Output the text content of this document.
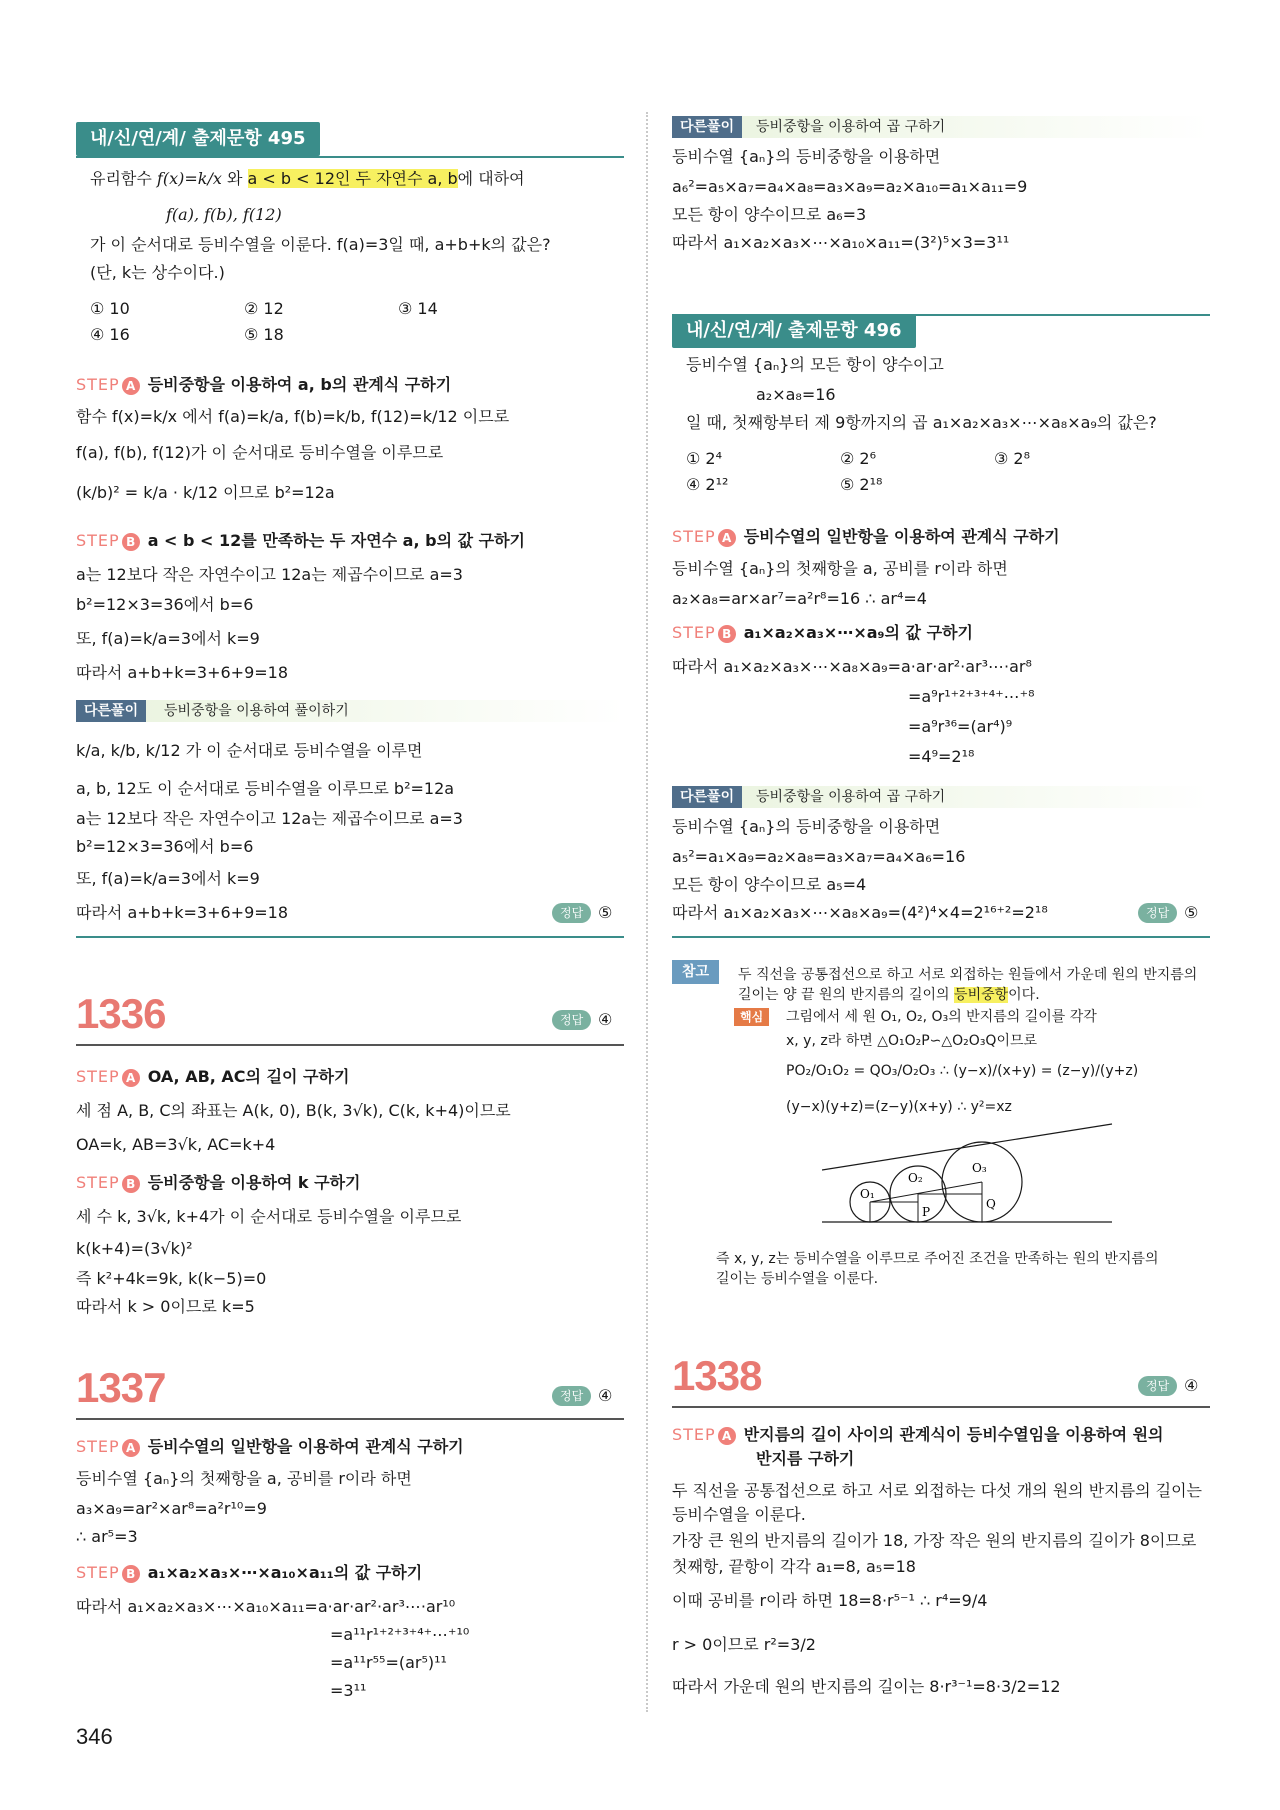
내/신/연/계/ 출제문항 495
유리함수 f(x)=k/x 와 a < b < 12인 두 자연수 a, b에 대하여
f(a), f(b), f(12)
가 이 순서대로 등비수열을 이룬다. f(a)=3일 때, a+b+k의 값은?
(단, k는 상수이다.)
① 10	② 12	③ 14
④ 16	⑤ 18
STEP A 등비중항을 이용하여 a, b의 관계식 구하기
함수 f(x)=k/x 에서 f(a)=k/a, f(b)=k/b, f(12)=k/12 이므로
f(a), f(b), f(12)가 이 순서대로 등비수열을 이루므로
(k/b)² = k/a · k/12 이므로 b²=12a
STEP B a < b < 12를 만족하는 두 자연수 a, b의 값 구하기
a는 12보다 작은 자연수이고 12a는 제곱수이므로 a=3
b²=12×3=36에서 b=6
또, f(a)=k/a=3에서 k=9
따라서 a+b+k=3+6+9=18
다른풀이	등비중항을 이용하여 풀이하기
k/a, k/b, k/12 가 이 순서대로 등비수열을 이루면
a, b, 12도 이 순서대로 등비수열을 이루므로 b²=12a
a는 12보다 작은 자연수이고 12a는 제곱수이므로 a=3
b²=12×3=36에서 b=6
또, f(a)=k/a=3에서 k=9
따라서 a+b+k=3+6+9=18	정답 ⑤
1336	정답 ④
STEP A OA, AB, AC의 길이 구하기
세 점 A, B, C의 좌표는 A(k, 0), B(k, 3√k), C(k, k+4)이므로
OA=k, AB=3√k, AC=k+4
STEP B 등비중항을 이용하여 k 구하기
세 수 k, 3√k, k+4가 이 순서대로 등비수열을 이루므로
k(k+4)=(3√k)²
즉 k²+4k=9k, k(k−5)=0
따라서 k > 0이므로 k=5
1337	정답 ④
STEP A 등비수열의 일반항을 이용하여 관계식 구하기
등비수열 {aₙ}의 첫째항을 a, 공비를 r이라 하면
a₃×a₉=ar²×ar⁸=a²r¹⁰=9
∴ ar⁵=3
STEP B a₁×a₂×a₃×⋯×a₁₀×a₁₁의 값 구하기
따라서 a₁×a₂×a₃×⋯×a₁₀×a₁₁=a·ar·ar²·ar³⋯·ar¹⁰
=a¹¹r¹⁺²⁺³⁺⁴⁺⋯⁺¹⁰
=a¹¹r⁵⁵=(ar⁵)¹¹
=3¹¹
346
다른풀이	등비중항을 이용하여 곱 구하기
등비수열 {aₙ}의 등비중항을 이용하면
a₆²=a₅×a₇=a₄×a₈=a₃×a₉=a₂×a₁₀=a₁×a₁₁=9
모든 항이 양수이므로 a₆=3
따라서 a₁×a₂×a₃×⋯×a₁₀×a₁₁=(3²)⁵×3=3¹¹
내/신/연/계/ 출제문항 496
등비수열 {aₙ}의 모든 항이 양수이고
a₂×a₈=16
일 때, 첫째항부터 제 9항까지의 곱 a₁×a₂×a₃×⋯×a₈×a₉의 값은?
① 2⁴	② 2⁶	③ 2⁸
④ 2¹²	⑤ 2¹⁸
STEP A 등비수열의 일반항을 이용하여 관계식 구하기
등비수열 {aₙ}의 첫째항을 a, 공비를 r이라 하면
a₂×a₈=ar×ar⁷=a²r⁸=16 ∴ ar⁴=4
STEP B a₁×a₂×a₃×⋯×a₉의 값 구하기
따라서 a₁×a₂×a₃×⋯×a₈×a₉=a·ar·ar²·ar³⋯·ar⁸
=a⁹r¹⁺²⁺³⁺⁴⁺⋯⁺⁸
=a⁹r³⁶=(ar⁴)⁹
=4⁹=2¹⁸
다른풀이	등비중항을 이용하여 곱 구하기
등비수열 {aₙ}의 등비중항을 이용하면
a₅²=a₁×a₉=a₂×a₈=a₃×a₇=a₄×a₆=16
모든 항이 양수이므로 a₅=4
따라서 a₁×a₂×a₃×⋯×a₈×a₉=(4²)⁴×4=2¹⁶⁺²=2¹⁸	정답 ⑤
참고	두 직선을 공통접선으로 하고 서로 외접하는 원들에서 가운데 원의 반지름의
길이는 양 끝 원의 반지름의 길이의 등비중항이다.
핵심	그림에서 세 원 O₁, O₂, O₃의 반지름의 길이를 각각
x, y, z라 하면 △O₁O₂P∽△O₂O₃Q이므로
PO₂/O₁O₂ = QO₃/O₂O₃ ∴ (y−x)/(x+y) = (z−y)/(y+z)
(y−x)(y+z)=(z−y)(x+y) ∴ y²=xz
O₁
O₂
O₃
P
Q
즉 x, y, z는 등비수열을 이루므로 주어진 조건을 만족하는 원의 반지름의
길이는 등비수열을 이룬다.
1338	정답 ④
STEP A 반지름의 길이 사이의 관계식이 등비수열임을 이용하여 원의
반지름 구하기
두 직선을 공통접선으로 하고 서로 외접하는 다섯 개의 원의 반지름의 길이는
등비수열을 이룬다.
가장 큰 원의 반지름의 길이가 18, 가장 작은 원의 반지름의 길이가 8이므로
첫째항, 끝항이 각각 a₁=8, a₅=18
이때 공비를 r이라 하면 18=8·r⁵⁻¹ ∴ r⁴=9/4
r > 0이므로 r²=3/2
따라서 가운데 원의 반지름의 길이는 8·r³⁻¹=8·3/2=12
